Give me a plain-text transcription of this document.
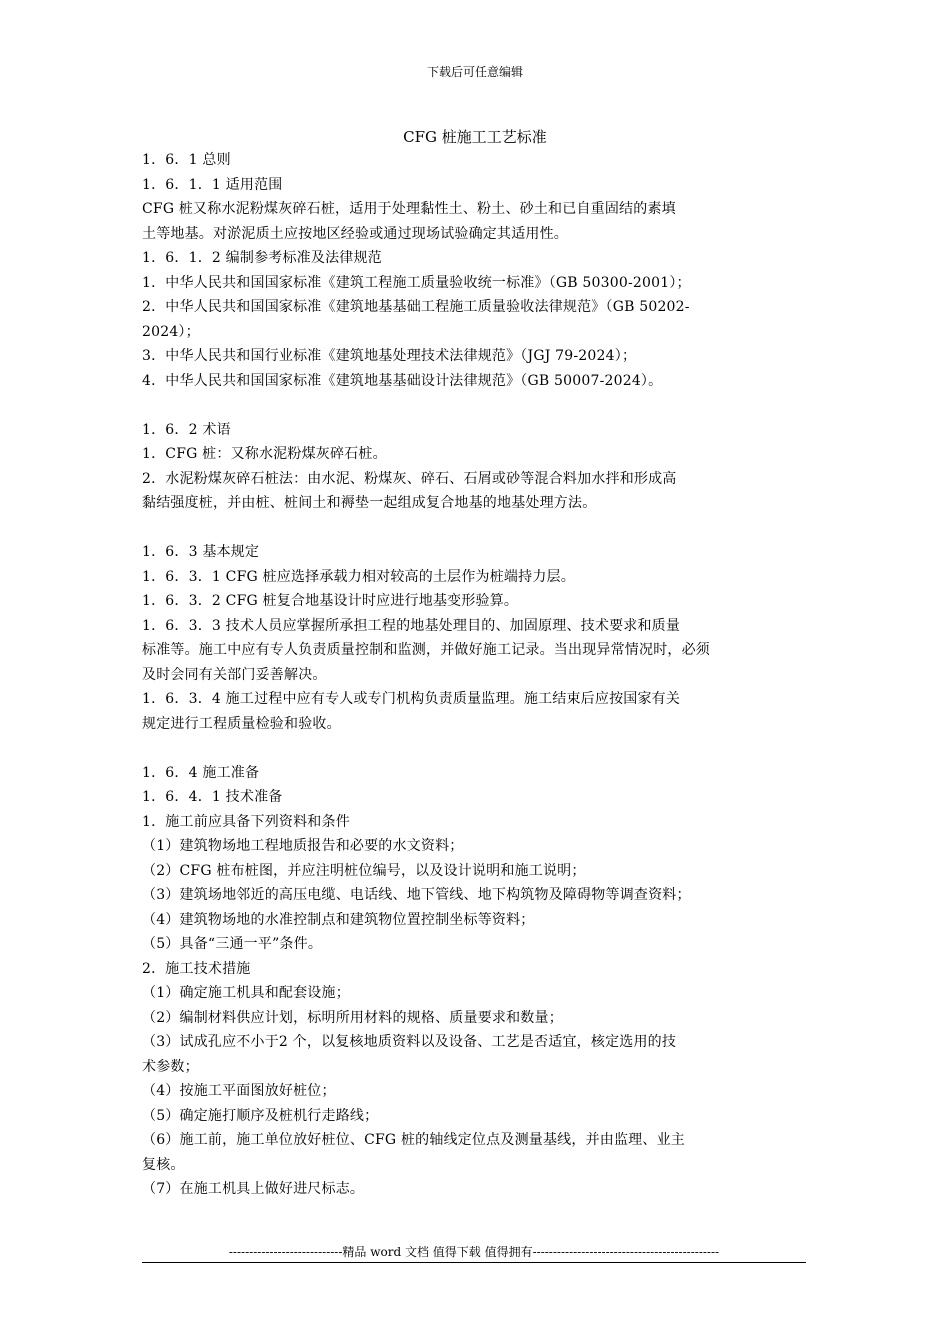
下载后可任意编辑
CFG 桩施工工艺标准
1．6．1 总则
1．6．1．1 适用范围
CFG 桩又称水泥粉煤灰碎石桩，适用于处理黏性土、粉土、砂土和已自重固结的素填
土等地基。对淤泥质土应按地区经验或通过现场试验确定其适用性。
1．6．1．2 编制参考标准及法律规范
1．中华人民共和国国家标准《建筑工程施工质量验收统一标准》（GB 50300-2001）；
2．中华人民共和国国家标准《建筑地基基础工程施工质量验收法律规范》（GB 50202-
2024）；
3．中华人民共和国行业标准《建筑地基处理技术法律规范》（JGJ 79-2024）；
4．中华人民共和国国家标准《建筑地基基础设计法律规范》（GB 50007-2024）。
1．6．2 术语
1．CFG 桩：又称水泥粉煤灰碎石桩。
2．水泥粉煤灰碎石桩法：由水泥、粉煤灰、碎石、石屑或砂等混合料加水拌和形成高
黏结强度桩，并由桩、桩间土和褥垫一起组成复合地基的地基处理方法。
1．6．3 基本规定
1．6．3．1 CFG 桩应选择承载力相对较高的土层作为桩端持力层。
1．6．3．2 CFG 桩复合地基设计时应进行地基变形验算。
1．6．3．3 技术人员应掌握所承担工程的地基处理目的、加固原理、技术要求和质量
标准等。施工中应有专人负责质量控制和监测，并做好施工记录。当出现异常情况时，必须
及时会同有关部门妥善解决。
1．6．3．4 施工过程中应有专人或专门机构负责质量监理。施工结束后应按国家有关
规定进行工程质量检验和验收。
1．6．4 施工准备
1．6．4．1 技术准备
1．施工前应具备下列资料和条件
（1）建筑物场地工程地质报告和必要的水文资料；
（2）CFG 桩布桩图，并应注明桩位编号，以及设计说明和施工说明；
（3）建筑场地邻近的高压电缆、电话线、地下管线、地下构筑物及障碍物等调查资料；
（4）建筑物场地的水准控制点和建筑物位置控制坐标等资料；
（5）具备“三通一平”条件。
2．施工技术措施
（1）确定施工机具和配套设施；
（2）编制材料供应计划，标明所用材料的规格、质量要求和数量；
（3）试成孔应不小于2 个，以复核地质资料以及设备、工艺是否适宜，核定选用的技
术参数；
（4）按施工平面图放好桩位；
（5）确定施打顺序及桩机行走路线；
（6）施工前，施工单位放好桩位、CFG 桩的轴线定位点及测量基线，并由监理、业主
复核。
（7）在施工机具上做好进尺标志。
----------------------------精品 word 文档 值得下载 值得拥有----------------------------------------------
